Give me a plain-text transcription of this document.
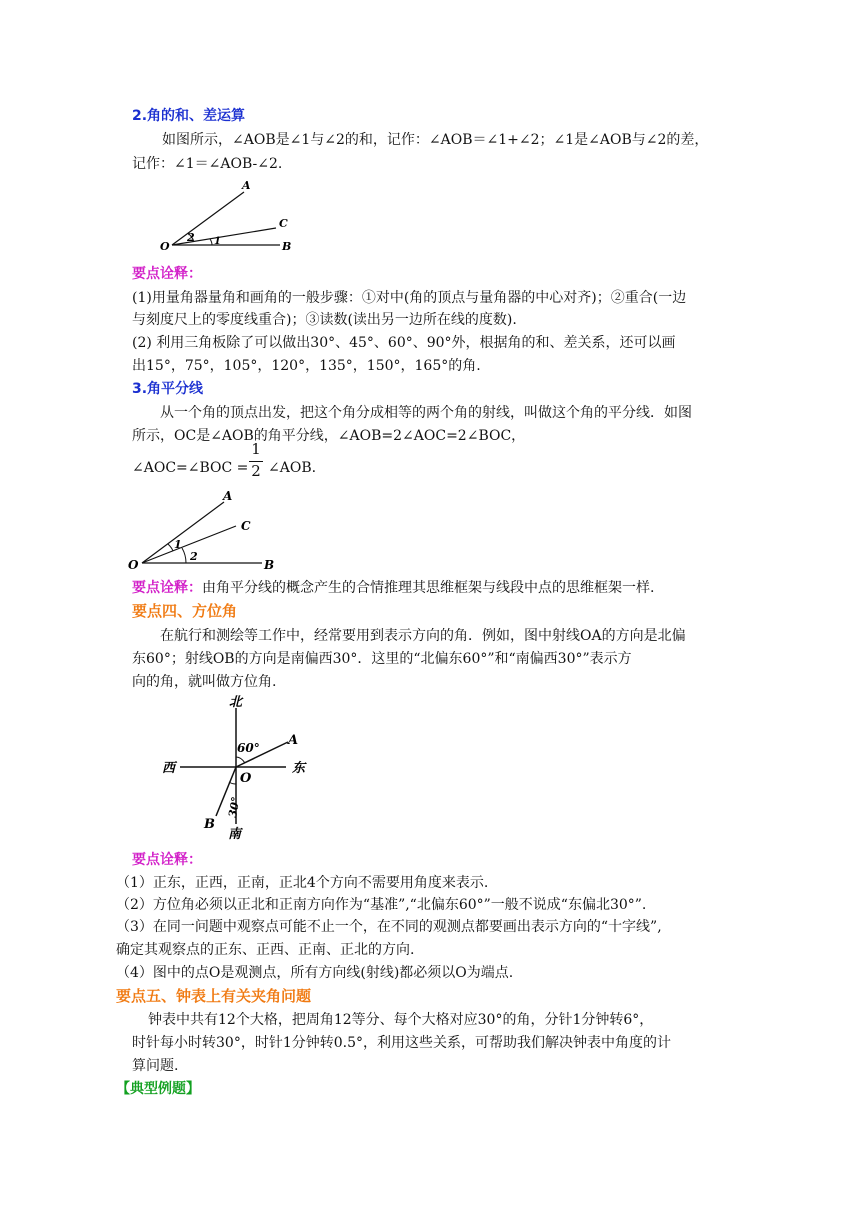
2.角的和、差运算
如图所示，∠AOB是∠1与∠2的和，记作：∠AOB＝∠1+∠2；∠1是∠AOB与∠2的差，
记作：∠1＝∠AOB-∠2.
A
C
O	B
2 1
要点诠释：
(1)用量角器量角和画角的一般步骤：①对中(角的顶点与量角器的中心对齐)；②重合(一边
与刻度尺上的零度线重合)；③读数(读出另一边所在线的度数).
(2) 利用三角板除了可以做出30°、45°、60°、90°外，根据角的和、差关系，还可以画
出15°，75°，105°，120°，135°，150°，165°的角.
3.角平分线
从一个角的顶点出发，把这个角分成相等的两个角的射线，叫做这个角的平分线．如图
所示，OC是∠AOB的角平分线，∠AOB=2∠AOC=2∠BOC，
∠AOC=∠BOC =
1
2 ∠AOB.
A
C
O	B
1
2
要点诠释：由角平分线的概念产生的合情推理其思维框架与线段中点的思维框架一样.
要点四、方位角
在航行和测绘等工作中，经常要用到表示方向的角．例如，图中射线OA的方向是北偏
东60°；射线OB的方向是南偏西30°．这里的“北偏东60°”和“南偏西30°”表示方
向的角，就叫做方位角.
北
南
西	东
O
A
B
60°
30°
要点诠释：
（1）正东，正西，正南，正北4个方向不需要用角度来表示.
（2）方位角必须以正北和正南方向作为“基准”,“北偏东60°”一般不说成“东偏北30°”.
（3）在同一问题中观察点可能不止一个，在不同的观测点都要画出表示方向的“十字线”,
确定其观察点的正东、正西、正南、正北的方向.
（4）图中的点O是观测点，所有方向线(射线)都必须以O为端点.
要点五、钟表上有关夹角问题
钟表中共有12个大格，把周角12等分、每个大格对应30°的角，分针1分钟转6°，
时针每小时转30°，时针1分钟转0.5°，利用这些关系，可帮助我们解决钟表中角度的计
算问题.
【典型例题】
